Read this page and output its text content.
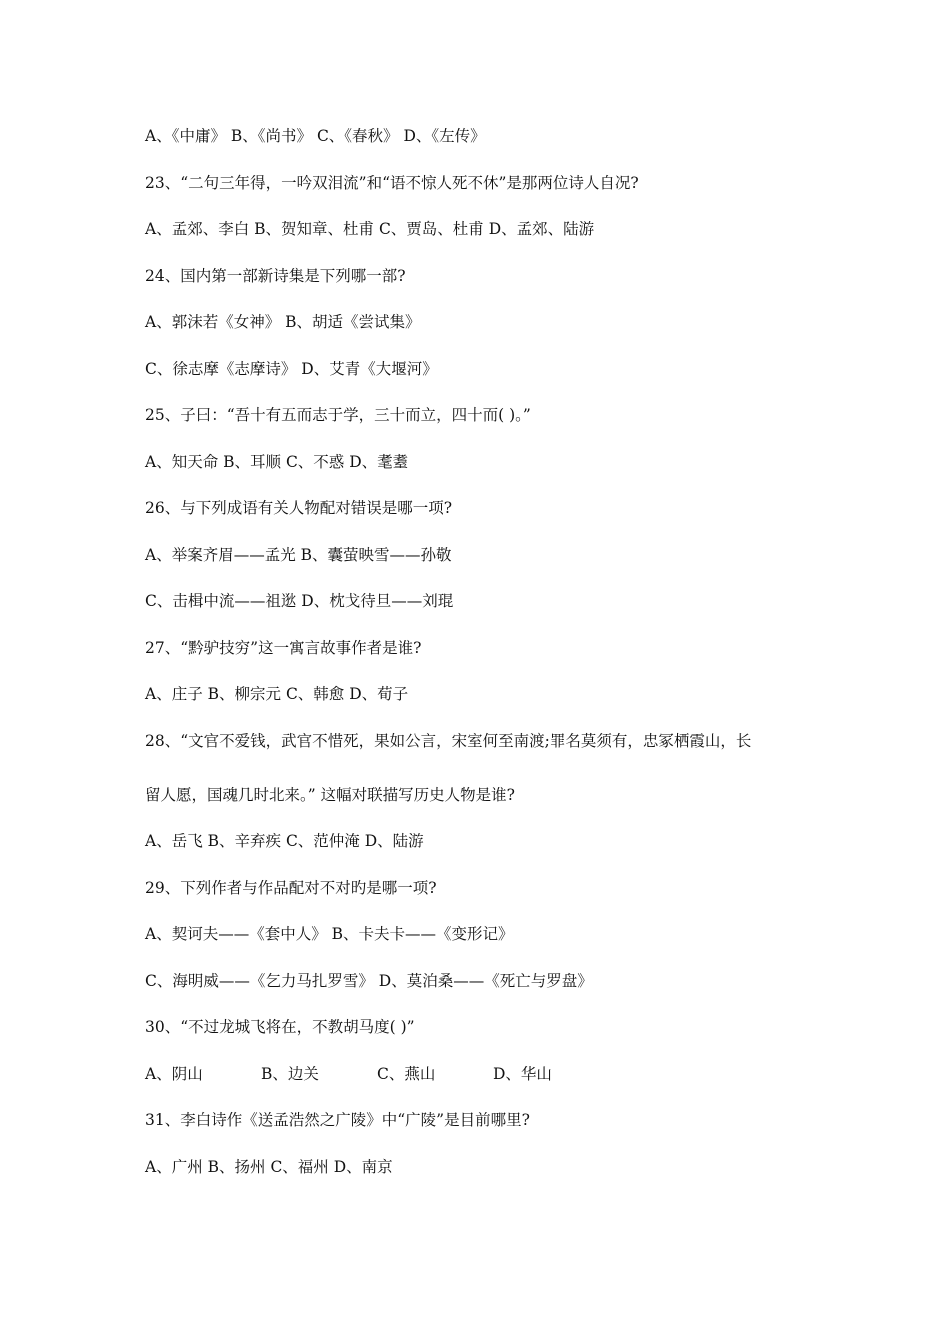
A、《中庸》 B、《尚书》 C、《春秋》 D、《左传》
23、“二句三年得，一吟双泪流”和“语不惊人死不休”是那两位诗人自况?
A、孟郊、李白 B、贺知章、杜甫 C、贾岛、杜甫 D、孟郊、陆游
24、国内第一部新诗集是下列哪一部?
A、郭沫若《女神》 B、胡适《尝试集》
C、徐志摩《志摩诗》 D、艾青《大堰河》
25、子曰：“吾十有五而志于学，三十而立，四十而( )。”
A、知天命 B、耳顺 C、不惑 D、耄耋
26、与下列成语有关人物配对错误是哪一项?
A、举案齐眉——孟光 B、囊萤映雪——孙敬
C、击楫中流——祖逖 D、枕戈待旦——刘琨
27、“黔驴技穷”这一寓言故事作者是谁?
A、庄子 B、柳宗元 C、韩愈 D、荀子
28、“文官不爱钱，武官不惜死，果如公言，宋室何至南渡;罪名莫须有，忠冢栖霞山，长
留人愿，国魂几时北来。” 这幅对联描写历史人物是谁?
A、岳飞 B、辛弃疾 C、范仲淹 D、陆游
29、下列作者与作品配对不对旳是哪一项?
A、契诃夫——《套中人》 B、卡夫卡——《变形记》
C、海明威——《乞力马扎罗雪》 D、莫泊桑——《死亡与罗盘》
30、“不过龙城飞将在，不教胡马度( )”
A、阴山	B、边关	C、燕山	D、华山
31、李白诗作《送孟浩然之广陵》中“广陵”是目前哪里?
A、广州 B、扬州 C、福州 D、南京
